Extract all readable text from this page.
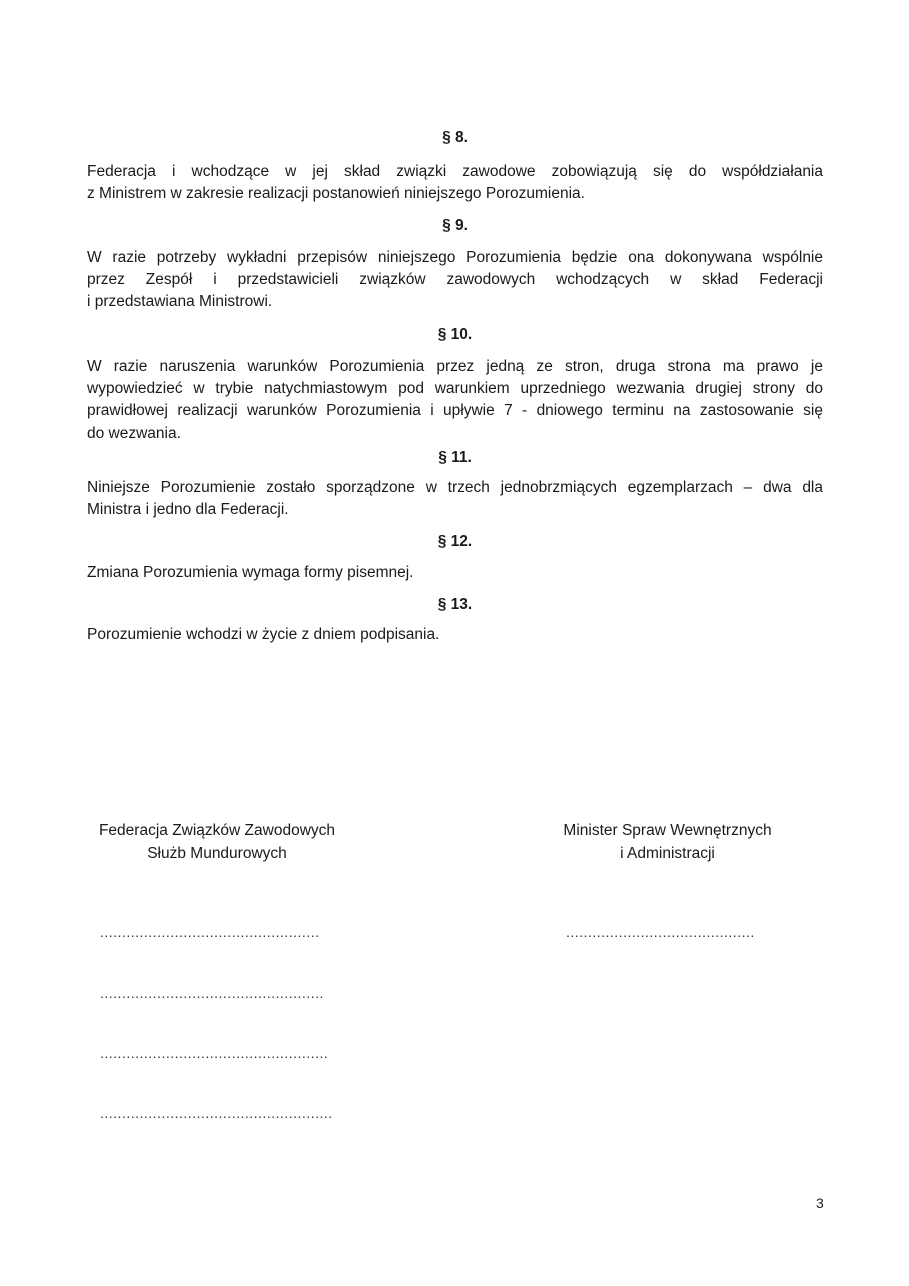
§ 8.
Federacja i wchodzące w jej skład związki zawodowe zobowiązują się do współdziałania
z Ministrem w zakresie realizacji postanowień niniejszego Porozumienia.
§ 9.
W razie potrzeby wykładni przepisów niniejszego Porozumienia będzie ona dokonywana wspólnie
przez Zespół i przedstawicieli związków zawodowych wchodzących w skład Federacji
i przedstawiana Ministrowi.
§ 10.
W razie naruszenia warunków Porozumienia przez jedną ze stron, druga strona ma prawo je
wypowiedzieć w trybie natychmiastowym pod warunkiem uprzedniego wezwania drugiej strony do
prawidłowej realizacji warunków Porozumienia i upływie 7 - dniowego terminu na zastosowanie się
do wezwania.
§ 11.
Niniejsze Porozumienie zostało sporządzone w trzech jednobrzmiących egzemplarzach – dwa dla
Ministra i jedno dla Federacji.
§ 12.
Zmiana Porozumienia wymaga formy pisemnej.
§ 13.
Porozumienie wchodzi w życie z dniem podpisania.
Federacja Związków Zawodowych
Służb Mundurowych
Minister Spraw Wewnętrznych
i Administracji
..................................................
...................................................
....................................................
.....................................................
...........................................
3
